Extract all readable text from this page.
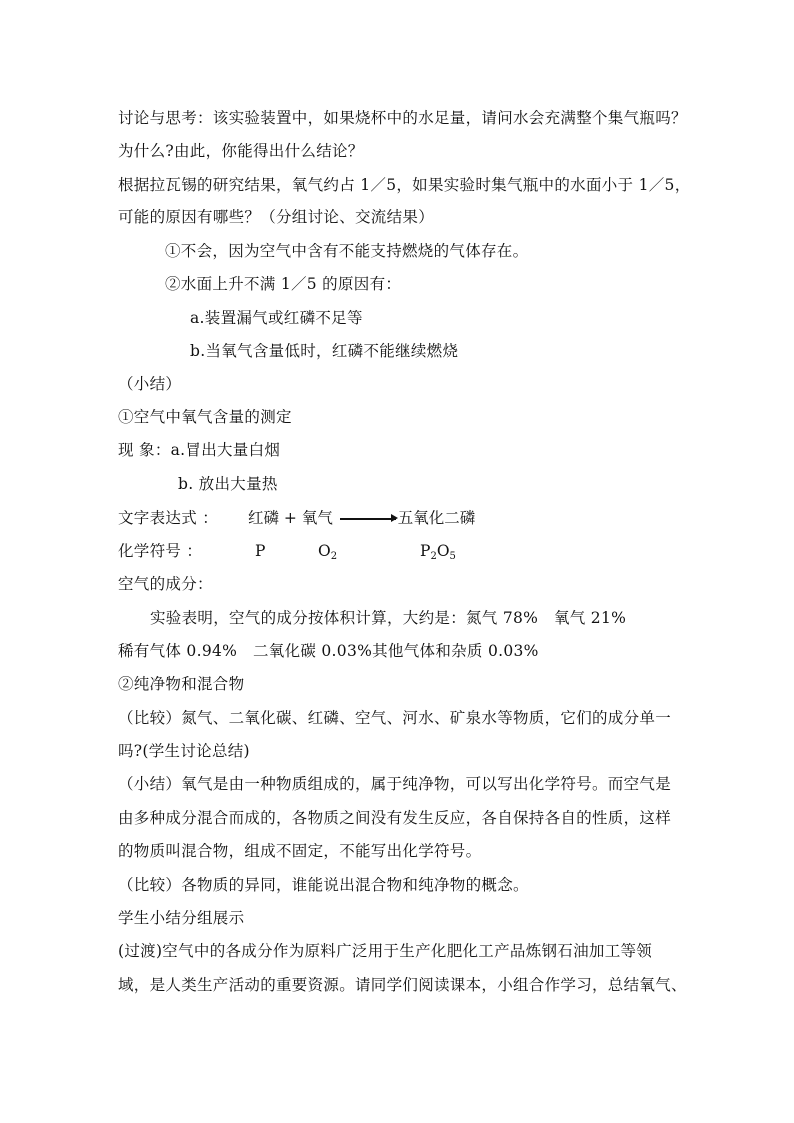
讨论与思考：该实验装置中，如果烧杯中的水足量，请问水会充满整个集气瓶吗？
为什么?由此，你能得出什么结论？
根据拉瓦锡的研究结果，氧气约占 1／5，如果实验时集气瓶中的水面小于 1／5，
可能的原因有哪些？（分组讨论、交流结果）
①不会，因为空气中含有不能支持燃烧的气体存在。
②水面上升不满 1／5 的原因有：
a.装置漏气或红磷不足等
b.当氧气含量低时，红磷不能继续燃烧
（小结）
①空气中氧气含量的测定
现 象：a.冒出大量白烟
b. 放出大量热
文字表达式 ： 红磷 + 氧气 → 五氧化二磷
化学符号 ：	P	$O_2$	$P_2O_5$
空气的成分：
实验表明，空气的成分按体积计算，大约是：氮气 78%　氧气 21%
稀有气体 0.94%　二氧化碳 0.03%其他气体和杂质 0.03%
②纯净物和混合物
（比较）氮气、二氧化碳、红磷、空气、河水、矿泉水等物质，它们的成分单一
吗?(学生讨论总结)
（小结）氧气是由一种物质组成的，属于纯净物，可以写出化学符号。而空气是
由多种成分混合而成的，各物质之间没有发生反应，各自保持各自的性质，这样
的物质叫混合物，组成不固定，不能写出化学符号。
（比较）各物质的异同，谁能说出混合物和纯净物的概念。
学生小结分组展示
(过渡)空气中的各成分作为原料广泛用于生产化肥化工产品炼钢石油加工等领
域，是人类生产活动的重要资源。请同学们阅读课本，小组合作学习，总结氧气、
